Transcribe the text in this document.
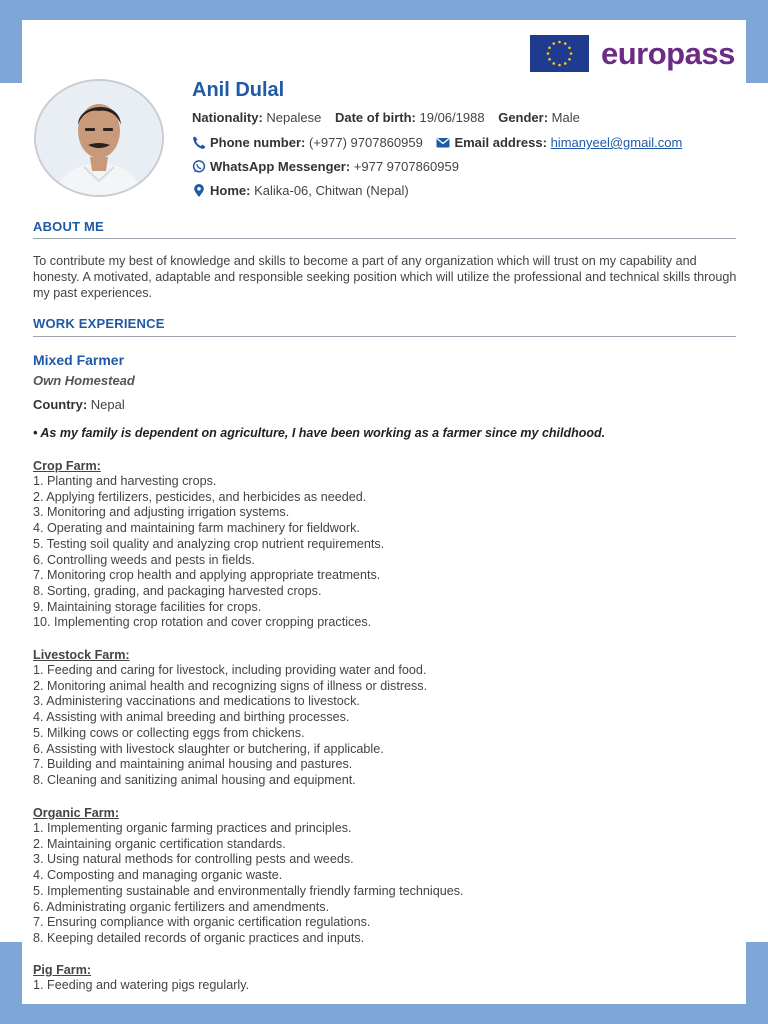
europass
Anil Dulal
Nationality: Nepalese Date of birth: 19/06/1988 Gender: Male
Phone number: (+977) 9707860959 Email address: himanyeel@gmail.com
WhatsApp Messenger: +977 9707860959
Home: Kalika-06, Chitwan (Nepal)
ABOUT ME
To contribute my best of knowledge and skills to become a part of any organization which will trust on my capability and honesty. A motivated, adaptable and responsible seeking position which will utilize the professional and technical skills through my past experiences.
WORK EXPERIENCE
Mixed Farmer
Own Homestead
Country: Nepal
• As my family is dependent on agriculture, I have been working as a farmer since my childhood.
Crop Farm:
1. Planting and harvesting crops.
2. Applying fertilizers, pesticides, and herbicides as needed.
3. Monitoring and adjusting irrigation systems.
4. Operating and maintaining farm machinery for fieldwork.
5. Testing soil quality and analyzing crop nutrient requirements.
6. Controlling weeds and pests in fields.
7. Monitoring crop health and applying appropriate treatments.
8. Sorting, grading, and packaging harvested crops.
9. Maintaining storage facilities for crops.
10. Implementing crop rotation and cover cropping practices.
Livestock Farm:
1. Feeding and caring for livestock, including providing water and food.
2. Monitoring animal health and recognizing signs of illness or distress.
3. Administering vaccinations and medications to livestock.
4. Assisting with animal breeding and birthing processes.
5. Milking cows or collecting eggs from chickens.
6. Assisting with livestock slaughter or butchering, if applicable.
7. Building and maintaining animal housing and pastures.
8. Cleaning and sanitizing animal housing and equipment.
Organic Farm:
1. Implementing organic farming practices and principles.
2. Maintaining organic certification standards.
3. Using natural methods for controlling pests and weeds.
4. Composting and managing organic waste.
5. Implementing sustainable and environmentally friendly farming techniques.
6. Administrating organic fertilizers and amendments.
7. Ensuring compliance with organic certification regulations.
8. Keeping detailed records of organic practices and inputs.
Pig Farm:
1. Feeding and watering pigs regularly.
